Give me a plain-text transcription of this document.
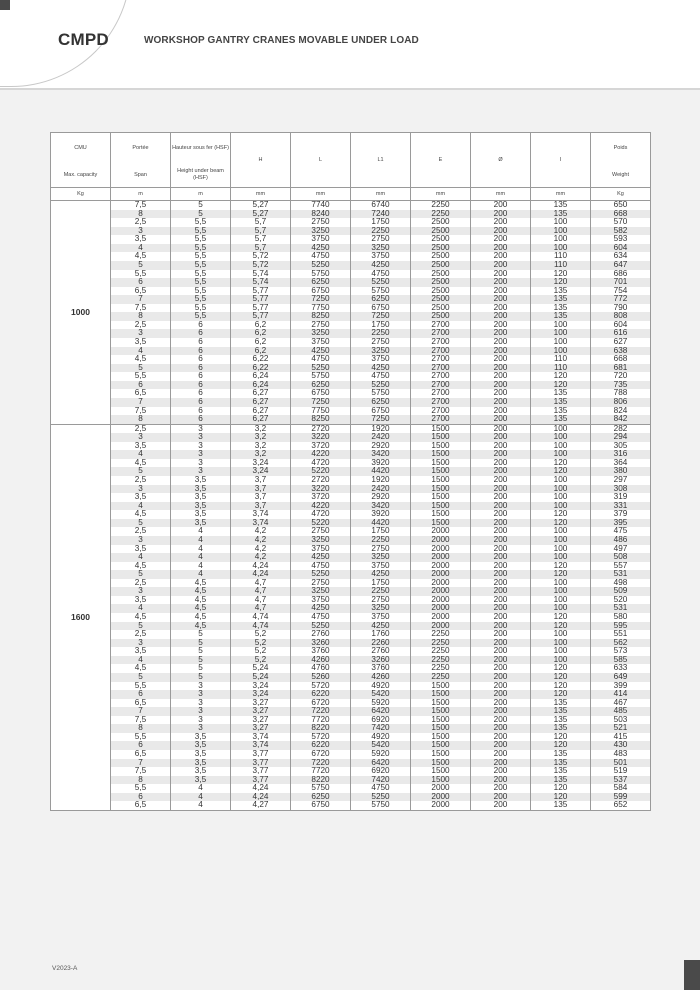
CMPD	WORKSHOP GANTRY CRANES MOVABLE UNDER LOAD
CMU	Portée	Hauteur sous fer (HSF)	H	L	L1	E	Ø	I	Poids
Max. capacity	Span	Height under beam (HSF)							Weight
Kg	m	m	mm	mm	mm	mm	mm	mm	Kg
1000	7,5	5	5,27	7740	6740	2250	200	135	650
	8	5	5,27	8240	7240	2250	200	135	668
	2,5	5,5	5,7	2750	1750	2500	200	100	570
	3	5,5	5,7	3250	2250	2500	200	100	582
	3,5	5,5	5,7	3750	2750	2500	200	100	593
	4	5,5	5,7	4250	3250	2500	200	100	604
	4,5	5,5	5,72	4750	3750	2500	200	110	634
	5	5,5	5,72	5250	4250	2500	200	110	647
	5,5	5,5	5,74	5750	4750	2500	200	120	686
	6	5,5	5,74	6250	5250	2500	200	120	701
	6,5	5,5	5,77	6750	5750	2500	200	135	754
	7	5,5	5,77	7250	6250	2500	200	135	772
	7,5	5,5	5,77	7750	6750	2500	200	135	790
	8	5,5	5,77	8250	7250	2500	200	135	808
	2,5	6	6,2	2750	1750	2700	200	100	604
	3	6	6,2	3250	2250	2700	200	100	616
	3,5	6	6,2	3750	2750	2700	200	100	627
	4	6	6,2	4250	3250	2700	200	100	638
	4,5	6	6,22	4750	3750	2700	200	110	668
	5	6	6,22	5250	4250	2700	200	110	681
	5,5	6	6,24	5750	4750	2700	200	120	720
	6	6	6,24	6250	5250	2700	200	120	735
	6,5	6	6,27	6750	5750	2700	200	135	788
	7	6	6,27	7250	6250	2700	200	135	806
	7,5	6	6,27	7750	6750	2700	200	135	824
	8	6	6,27	8250	7250	2700	200	135	842
1600	2,5	3	3,2	2720	1920	1500	200	100	282
	3	3	3,2	3220	2420	1500	200	100	294
	3,5	3	3,2	3720	2920	1500	200	100	305
	4	3	3,2	4220	3420	1500	200	100	316
	4,5	3	3,24	4720	3920	1500	200	120	364
	5	3	3,24	5220	4420	1500	200	120	380
	2,5	3,5	3,7	2720	1920	1500	200	100	297
	3	3,5	3,7	3220	2420	1500	200	100	308
	3,5	3,5	3,7	3720	2920	1500	200	100	319
	4	3,5	3,7	4220	3420	1500	200	100	331
	4,5	3,5	3,74	4720	3920	1500	200	120	379
	5	3,5	3,74	5220	4420	1500	200	120	395
	2,5	4	4,2	2750	1750	2000	200	100	475
	3	4	4,2	3250	2250	2000	200	100	486
	3,5	4	4,2	3750	2750	2000	200	100	497
	4	4	4,2	4250	3250	2000	200	100	508
	4,5	4	4,24	4750	3750	2000	200	120	557
	5	4	4,24	5250	4250	2000	200	120	531
	2,5	4,5	4,7	2750	1750	2000	200	100	498
	3	4,5	4,7	3250	2250	2000	200	100	509
	3,5	4,5	4,7	3750	2750	2000	200	100	520
	4	4,5	4,7	4250	3250	2000	200	100	531
	4,5	4,5	4,74	4750	3750	2000	200	120	580
	5	4,5	4,74	5250	4250	2000	200	120	595
	2,5	5	5,2	2760	1760	2250	200	100	551
	3	5	5,2	3260	2260	2250	200	100	562
	3,5	5	5,2	3760	2760	2250	200	100	573
	4	5	5,2	4260	3260	2250	200	100	585
	4,5	5	5,24	4760	3760	2250	200	120	633
	5	5	5,24	5260	4260	2250	200	120	649
	5,5	3	3,24	5720	4920	1500	200	120	399
	6	3	3,24	6220	5420	1500	200	120	414
	6,5	3	3,27	6720	5920	1500	200	135	467
	7	3	3,27	7220	6420	1500	200	135	485
	7,5	3	3,27	7720	6920	1500	200	135	503
	8	3	3,27	8220	7420	1500	200	135	521
	5,5	3,5	3,74	5720	4920	1500	200	120	415
	6	3,5	3,74	6220	5420	1500	200	120	430
	6,5	3,5	3,77	6720	5920	1500	200	135	483
	7	3,5	3,77	7220	6420	1500	200	135	501
	7,5	3,5	3,77	7720	6920	1500	200	135	519
	8	3,5	3,77	8220	7420	1500	200	135	537
	5,5	4	4,24	5750	4750	2000	200	120	584
	6	4	4,24	6250	5250	2000	200	120	599
	6,5	4	4,27	6750	5750	2000	200	135	652
V2023-A
